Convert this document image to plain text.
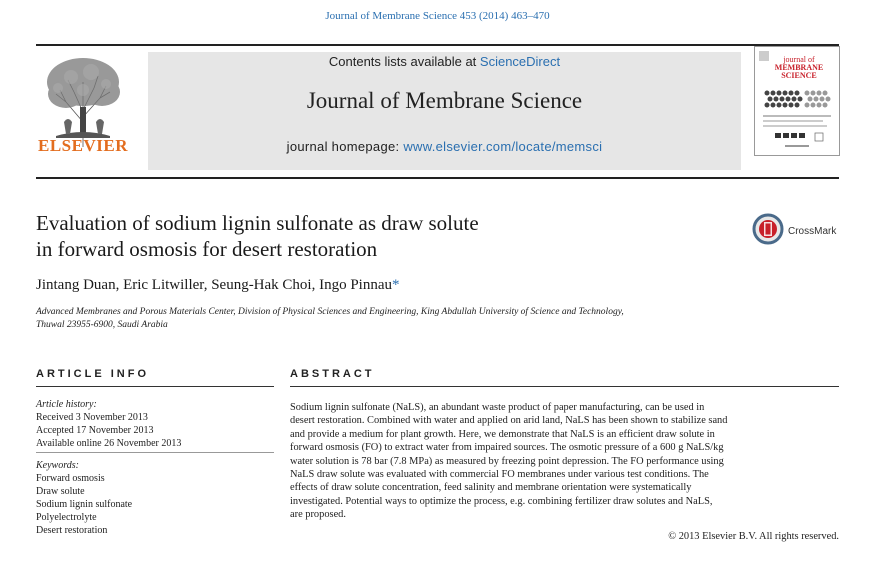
Journal of Membrane Science 453 (2014) 463–470
ELSEVIER
Contents lists available at ScienceDirect
Journal of Membrane Science
journal homepage: www.elsevier.com/locate/memsci
journal of
MEMBRANE
SCIENCE
Evaluation of sodium lignin sulfonate as draw solute
in forward osmosis for desert restoration
CrossMark
Jintang Duan, Eric Litwiller, Seung-Hak Choi, Ingo Pinnau*
Advanced Membranes and Porous Materials Center, Division of Physical Sciences and Engineering, King Abdullah University of Science and Technology,
Thuwal 23955-6900, Saudi Arabia
ARTICLE INFO
Article history:
Received 3 November 2013
Accepted 17 November 2013
Available online 26 November 2013
Keywords:
Forward osmosis
Draw solute
Sodium lignin sulfonate
Polyelectrolyte
Desert restoration
ABSTRACT
Sodium lignin sulfonate (NaLS), an abundant waste product of paper manufacturing, can be used in
desert restoration. Combined with water and applied on arid land, NaLS has been shown to stabilize sand
and provide a medium for plant growth. Here, we demonstrate that NaLS is an efficient draw solute in
forward osmosis (FO) to extract water from impaired sources. The osmotic pressure of a 600 g NaLS/kg
water solution is 78 bar (7.8 MPa) as measured by freezing point depression. The FO performance using
NaLS draw solute was evaluated with commercial FO membranes under various test conditions. The
effects of draw solute concentration, feed salinity and membrane orientation were systematically
investigated. Potential ways to optimize the process, e.g. combining fertilizer draw solutes and NaLS,
are proposed.
© 2013 Elsevier B.V. All rights reserved.
